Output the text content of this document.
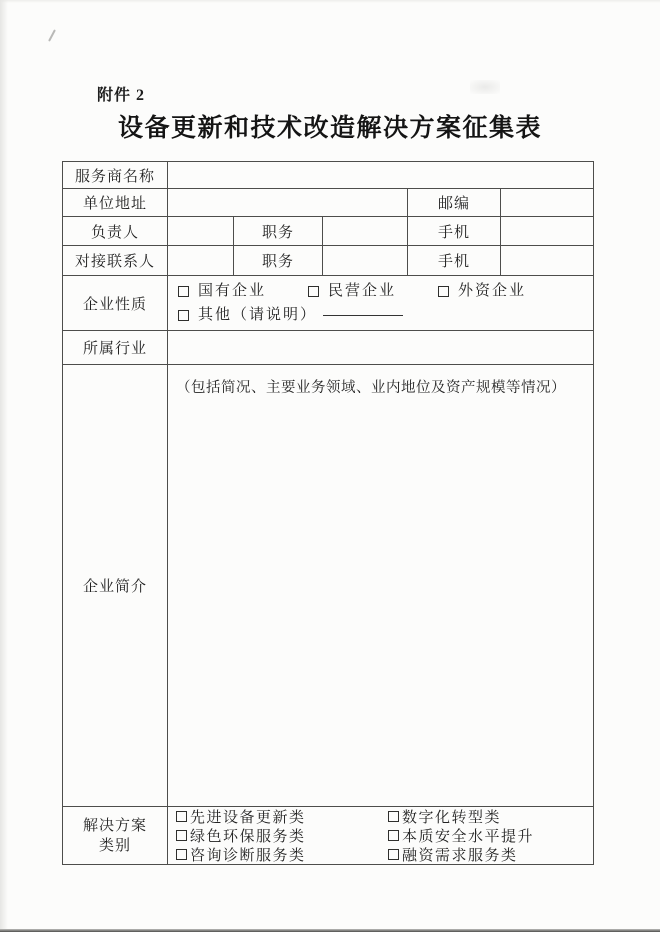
附件 2
设备更新和技术改造解决方案征集表
服务商名称					
单位地址				邮编	
负责人		职务		手机	
对接联系人		职务		手机	
企业性质	国有企业 民营企业 外资企业
其他（请说明）				

所属行业					
企业简介	（包括简况、主要业务领域、业内地位及资产规模等情况）				

解决方案
类别

先进设备更新类	数字化转型类
绿色环保服务类	本质安全水平提升
咨询诊断服务类	融资需求服务类
